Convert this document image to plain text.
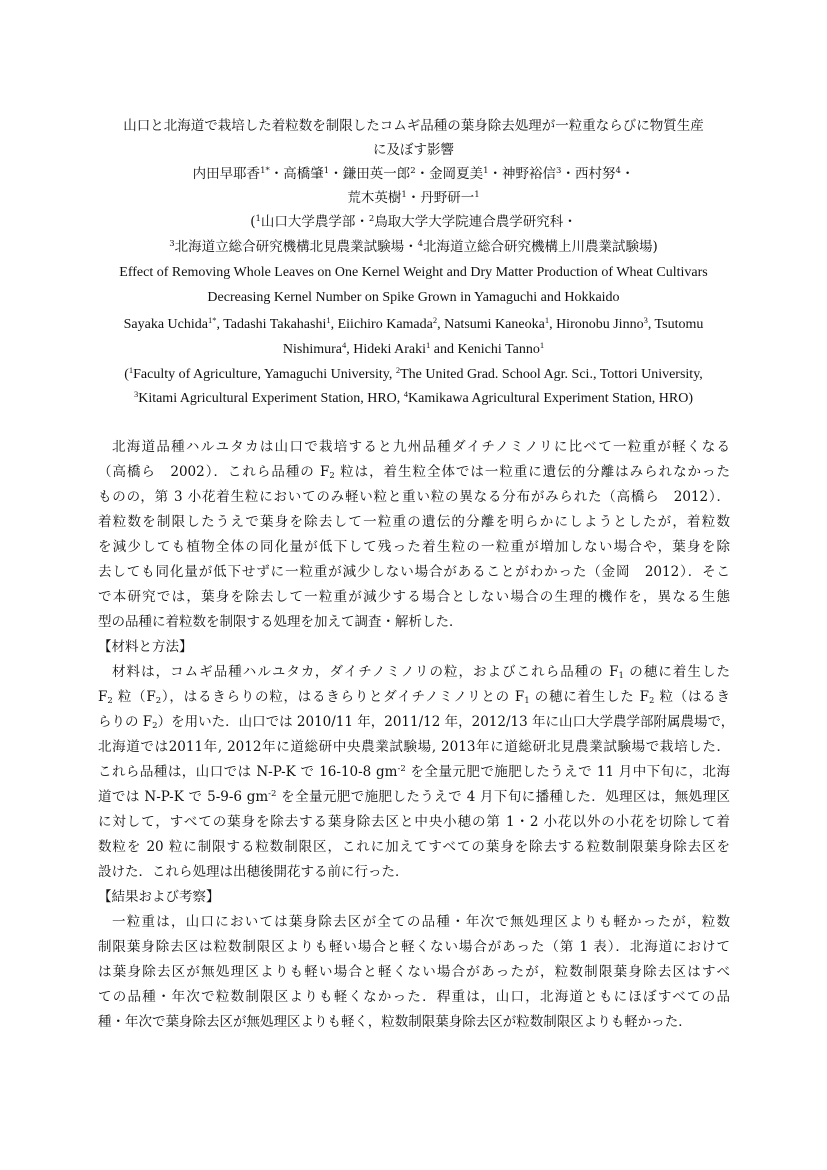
山口と北海道で栽培した着粒数を制限したコムギ品種の葉身除去処理が一粒重ならびに物質生産
に及ぼす影響
内田早耶香$^{1*}$・高橋肇$^1$・鎌田英一郎$^2$・金岡夏美$^1$・神野裕信$^3$・西村努$^4$・
荒木英樹$^1$・丹野研一$^1$
($^1$山口大学農学部・$^2$鳥取大学大学院連合農学研究科・
$^3$北海道立総合研究機構北見農業試験場・$^4$北海道立総合研究機構上川農業試験場)
Effect of Removing Whole Leaves on One Kernel Weight and Dry Matter Production of Wheat Cultivars
Decreasing Kernel Number on Spike Grown in Yamaguchi and Hokkaido
Sayaka Uchida$^{1*}$, Tadashi Takahashi$^1$, Eiichiro Kamada$^2$, Natsumi Kaneoka$^1$, Hironobu Jinno$^3$, Tsutomu
Nishimura$^4$, Hideki Araki$^1$ and Kenichi Tanno$^1$
($^1$Faculty of Agriculture, Yamaguchi University, $^2$The United Grad. School Agr. Sci., Tottori University,
$^3$Kitami Agricultural Experiment Station, HRO, $^4$Kamikawa Agricultural Experiment Station, HRO)
北海道品種ハルユタカは山口で栽培すると九州品種ダイチノミノリに比べて一粒重が軽くなる
（高橋ら　2002）．これら品種の $F_2$ 粒は，着生粒全体では一粒重に遺伝的分離はみられなかった
ものの，第 3 小花着生粒においてのみ軽い粒と重い粒の異なる分布がみられた（高橋ら　2012）．
着粒数を制限したうえで葉身を除去して一粒重の遺伝的分離を明らかにしようとしたが，着粒数
を減少しても植物全体の同化量が低下して残った着生粒の一粒重が増加しない場合や，葉身を除
去しても同化量が低下せずに一粒重が減少しない場合があることがわかった（金岡　2012）．そこ
で本研究では，葉身を除去して一粒重が減少する場合としない場合の生理的機作を，異なる生態
型の品種に着粒数を制限する処理を加えて調査・解析した．
【材料と方法】
材料は，コムギ品種ハルユタカ，ダイチノミノリの粒，およびこれら品種の $F_1$ の穂に着生した
$F_2$ 粒$(F_2)$，はるきらりの粒，はるきらりとダイチノミノリとの $F_1$ の穂に着生した $F_2$ 粒（はるき
らりの $F_2$）を用いた．山口では 2010/11 年，2011/12 年，2012/13 年に山口大学農学部附属農場で，
北海道では2011年, 2012年に道総研中央農業試験場, 2013年に道総研北見農業試験場で栽培した．
これら品種は，山口では N-P-K で 16-10-8 $gm^{-2}$ を全量元肥で施肥したうえで 11 月中下旬に，北海
道では N-P-K で 5-9-6 $gm^{-2}$ を全量元肥で施肥したうえで 4 月下旬に播種した．処理区は，無処理区
に対して，すべての葉身を除去する葉身除去区と中央小穂の第 1・2 小花以外の小花を切除して着
数粒を 20 粒に制限する粒数制限区，これに加えてすべての葉身を除去する粒数制限葉身除去区を
設けた．これら処理は出穂後開花する前に行った．
【結果および考察】
一粒重は，山口においては葉身除去区が全ての品種・年次で無処理区よりも軽かったが，粒数
制限葉身除去区は粒数制限区よりも軽い場合と軽くない場合があった（第 1 表）．北海道におけて
は葉身除去区が無処理区よりも軽い場合と軽くない場合があったが，粒数制限葉身除去区はすべ
ての品種・年次で粒数制限区よりも軽くなかった．稈重は，山口，北海道ともにほぼすべての品
種・年次で葉身除去区が無処理区よりも軽く，粒数制限葉身除去区が粒数制限区よりも軽かった．
